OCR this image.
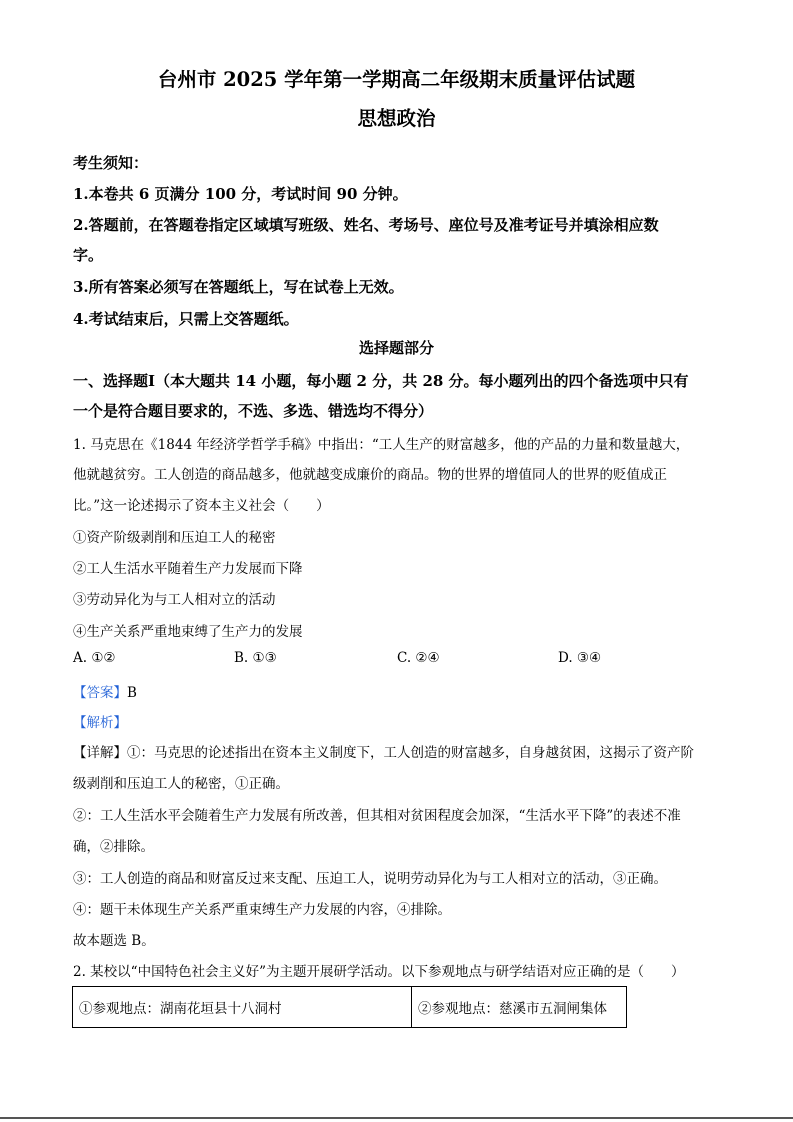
台州市 2025 学年第一学期高二年级期末质量评估试题
思想政治
考生须知：
1.本卷共 6 页满分 100 分，考试时间 90 分钟。
2.答题前，在答题卷指定区域填写班级、姓名、考场号、座位号及准考证号并填涂相应数
字。
3.所有答案必须写在答题纸上，写在试卷上无效。
4.考试结束后，只需上交答题纸。
选择题部分
一、选择题Ⅰ（本大题共 14 小题，每小题 2 分，共 28 分。每小题列出的四个备选项中只有
一个是符合题目要求的，不选、多选、错选均不得分）
1. 马克思在《1844 年经济学哲学手稿》中指出：“工人生产的财富越多，他的产品的力量和数量越大，
他就越贫穷。工人创造的商品越多，他就越变成廉价的商品。物的世界的增值同人的世界的贬值成正
比。”这一论述揭示了资本主义社会（　　）
①资产阶级剥削和压迫工人的秘密
②工人生活水平随着生产力发展而下降
③劳动异化为与工人相对立的活动
④生产关系严重地束缚了生产力的发展
A. ①②	B. ①③	C. ②④	D. ③④
【答案】B
【解析】
【详解】①：马克思的论述指出在资本主义制度下，工人创造的财富越多，自身越贫困，这揭示了资产阶
级剥削和压迫工人的秘密，①正确。
②：工人生活水平会随着生产力发展有所改善，但其相对贫困程度会加深，“生活水平下降”的表述不准
确，②排除。
③：工人创造的商品和财富反过来支配、压迫工人，说明劳动异化为与工人相对立的活动，③正确。
④：题干未体现生产关系严重束缚生产力发展的内容，④排除。
故本题选 B。
2. 某校以“中国特色社会主义好”为主题开展研学活动。以下参观地点与研学结语对应正确的是（　　）
①参观地点：湖南花垣县十八洞村	②参观地点：慈溪市五洞闸集体
